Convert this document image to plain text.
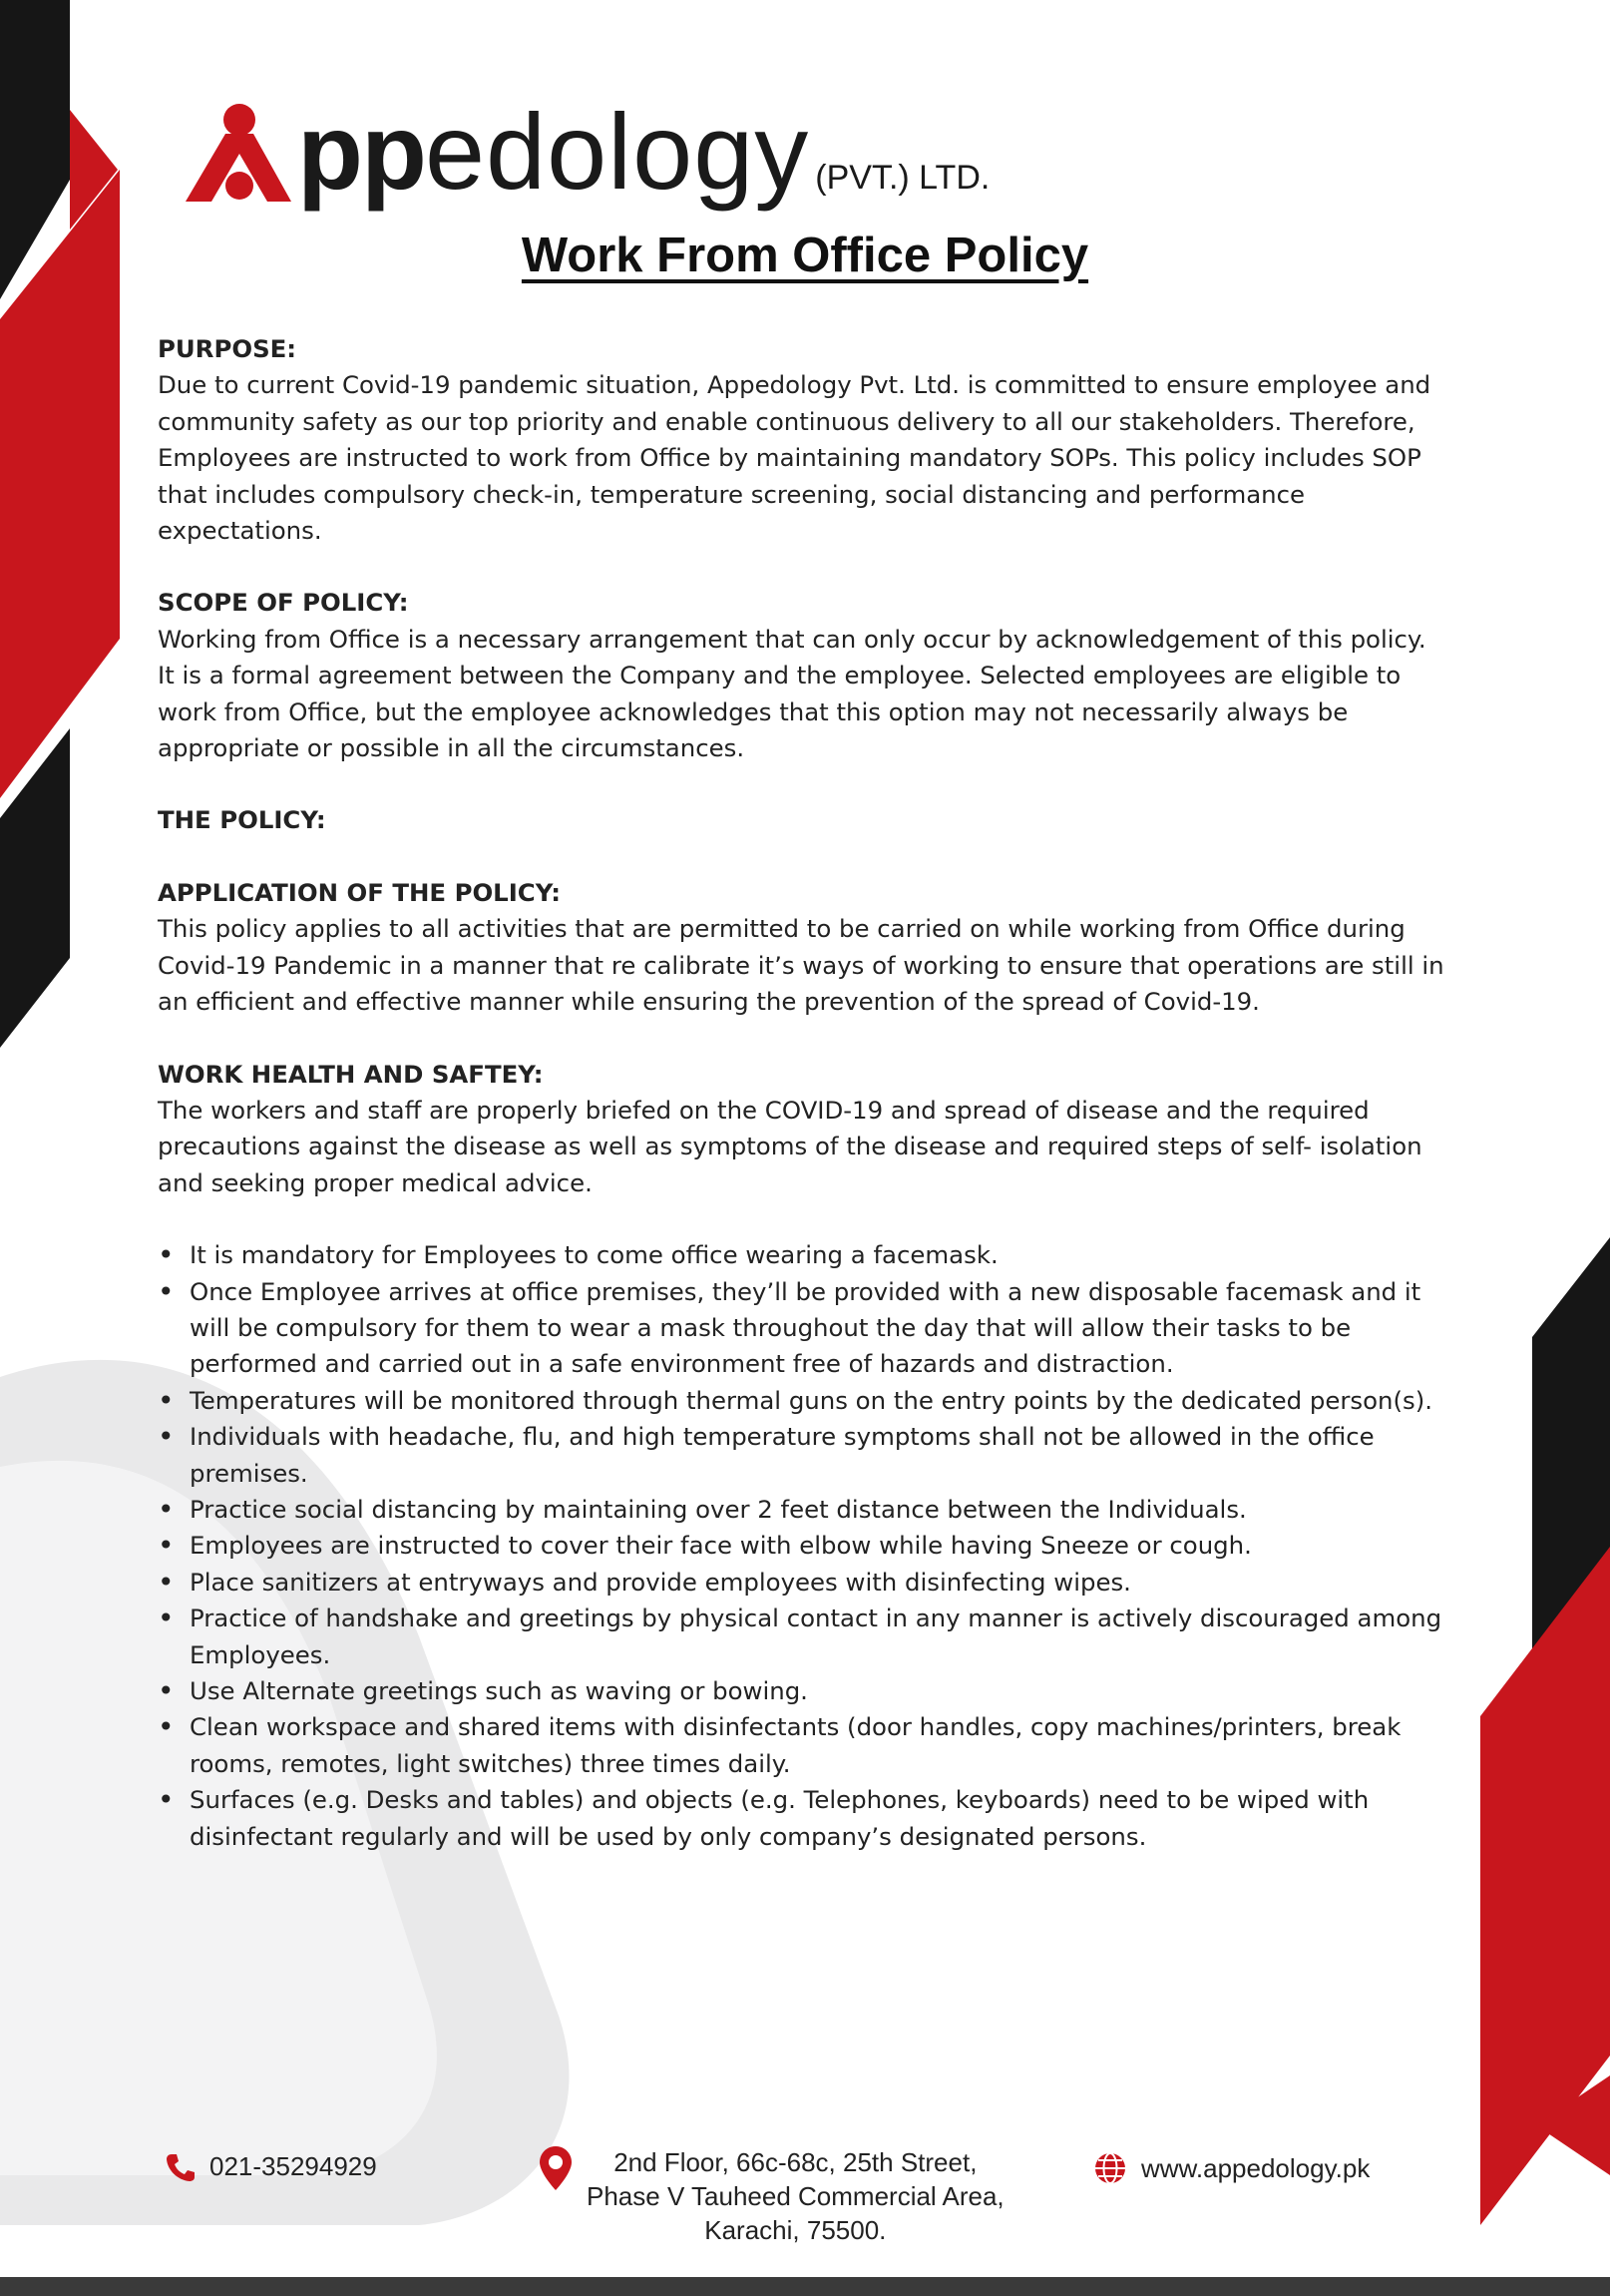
ppedology (PVT.) LTD.
Work From Office Policy

PURPOSE:

Due to current Covid-19 pandemic situation, Appedology Pvt. Ltd. is committed to ensure employee and community safety as our top priority and enable continuous delivery to all our stakeholders. Therefore, Employees are instructed to work from Office by maintaining mandatory SOPs. This policy includes SOP that includes compulsory check-in, temperature screening, social distancing and performance expectations.

SCOPE OF POLICY:

Working from Office is a necessary arrangement that can only occur by acknowledgement of this policy. It is a formal agreement between the Company and the employee. Selected employees are eligible to work from Office, but the employee acknowledges that this option may not necessarily always be appropriate or possible in all the circumstances.

THE POLICY:

APPLICATION OF THE POLICY:

This policy applies to all activities that are permitted to be carried on while working from Office during Covid-19 Pandemic in a manner that re calibrate it’s ways of working to ensure that operations are still in an efficient and effective manner while ensuring the prevention of the spread of Covid-19.

WORK HEALTH AND SAFTEY:

The workers and staff are properly briefed on the COVID-19 and spread of disease and the required precautions against the disease as well as symptoms of the disease and required steps of self- isolation and seeking proper medical advice.

• It is mandatory for Employees to come office wearing a facemask.
• Once Employee arrives at office premises, they’ll be provided with a new disposable facemask and it will be compulsory for them to wear a mask throughout the day that will allow their tasks to be performed and carried out in a safe environment free of hazards and distraction.
• Temperatures will be monitored through thermal guns on the entry points by the dedicated person(s).
• Individuals with headache, flu, and high temperature symptoms shall not be allowed in the office premises.
• Practice social distancing by maintaining over 2 feet distance between the Individuals.
• Employees are instructed to cover their face with elbow while having Sneeze or cough.
• Place sanitizers at entryways and provide employees with disinfecting wipes.
• Practice of handshake and greetings by physical contact in any manner is actively discouraged among Employees.
• Use Alternate greetings such as waving or bowing.
• Clean workspace and shared items with disinfectants (door handles, copy machines/printers, break rooms, remotes, light switches) three times daily.
• Surfaces (e.g. Desks and tables) and objects (e.g. Telephones, keyboards) need to be wiped with disinfectant regularly and will be used by only company’s designated persons.
021-35294929	2nd Floor, 66c-68c, 25th Street,
Phase V Tauheed Commercial Area,
Karachi, 75500.
www.appedology.pk
